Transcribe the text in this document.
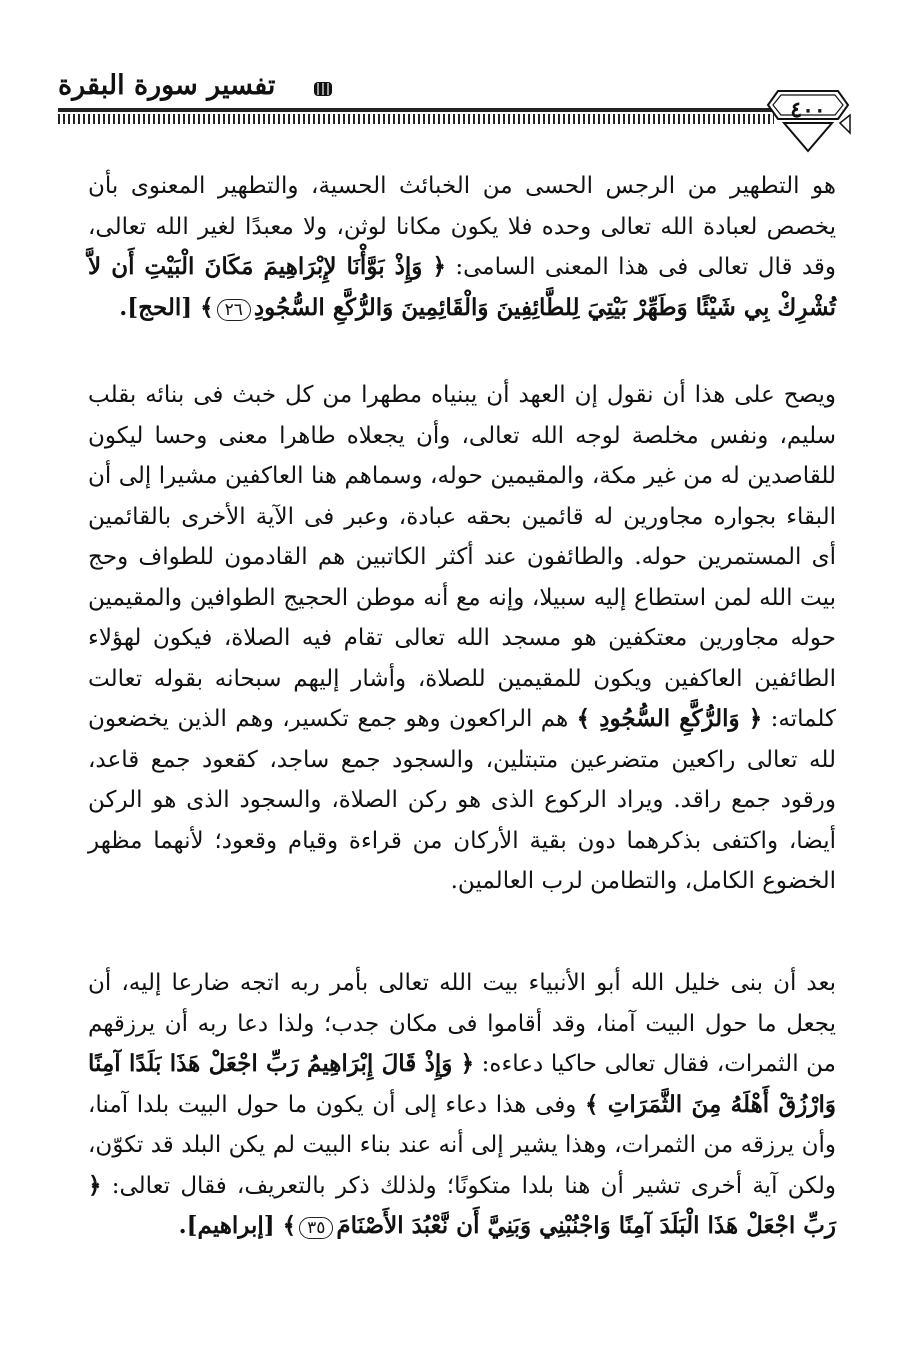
تفسير سورة البقرة
٤٠٠

هو التطهير من الرجس الحسى من الخبائث الحسية، والتطهير المعنوى بأن يخصص لعبادة الله تعالى وحده فلا يكون مكانا لوثن، ولا معبدًا لغير الله تعالى، وقد قال تعالى فى هذا المعنى السامى: ﴿ وَإِذْ بَوَّأْنَا لإِبْرَاهِيمَ مَكَانَ الْبَيْتِ أَن لاَّ تُشْرِكْ بِي شَيْئًا وَطَهِّرْ بَيْتِيَ لِلطَّائِفِينَ وَالْقَائِمِينَ وَالرُّكَّعِ السُّجُودِ٢٦﴾ [الحج].

ويصح على هذا أن نقول إن العهد أن يبنياه مطهرا من كل خبث فى بنائه بقلب سليم، ونفس مخلصة لوجه الله تعالى، وأن يجعلاه طاهرا معنى وحسا ليكون للقاصدين له من غير مكة، والمقيمين حوله، وسماهم هنا العاكفين مشيرا إلى أن البقاء بجواره مجاورين له قائمين بحقه عبادة، وعبر فى الآية الأخرى بالقائمين أى المستمرين حوله. والطائفون عند أكثر الكاتبين هم القادمون للطواف وحج بيت الله لمن استطاع إليه سبيلا، وإنه مع أنه موطن الحجيج الطوافين والمقيمين حوله مجاورين معتكفين هو مسجد الله تعالى تقام فيه الصلاة، فيكون لهؤلاء الطائفين العاكفين ويكون للمقيمين للصلاة، وأشار إليهم سبحانه بقوله تعالت كلماته: ﴿ وَالرُّكَّعِ السُّجُودِ ﴾ هم الراكعون وهو جمع تكسير، وهم الذين يخضعون لله تعالى راكعين متضرعين متبتلين، والسجود جمع ساجد، كقعود جمع قاعد، ورقود جمع راقد. ويراد الركوع الذى هو ركن الصلاة، والسجود الذى هو الركن أيضا، واكتفى بذكرهما دون بقية الأركان من قراءة وقيام وقعود؛ لأنهما مظهر الخضوع الكامل، والتطامن لرب العالمين.

بعد أن بنى خليل الله أبو الأنبياء بيت الله تعالى بأمر ربه اتجه ضارعا إليه، أن يجعل ما حول البيت آمنا، وقد أقاموا فى مكان جدب؛ ولذا دعا ربه أن يرزقهم من الثمرات، فقال تعالى حاكيا دعاءه: ﴿ وَإِذْ قَالَ إِبْرَاهِيمُ رَبِّ اجْعَلْ هَذَا بَلَدًا آمِنًا وَارْزُقْ أَهْلَهُ مِنَ الثَّمَرَاتِ ﴾ وفى هذا دعاء إلى أن يكون ما حول البيت بلدا آمنا، وأن يرزقه من الثمرات، وهذا يشير إلى أنه عند بناء البيت لم يكن البلد قد تكوّن، ولكن آية أخرى تشير أن هنا بلدا متكونًا؛ ولذلك ذكر بالتعريف، فقال تعالى: ﴿ رَبِّ اجْعَلْ هَذَا الْبَلَدَ آمِنًا وَاجْنُبْنِي وَبَنِيَّ أَن نَّعْبُدَ الأَصْنَامَ٣٥﴾ [إبراهيم].
